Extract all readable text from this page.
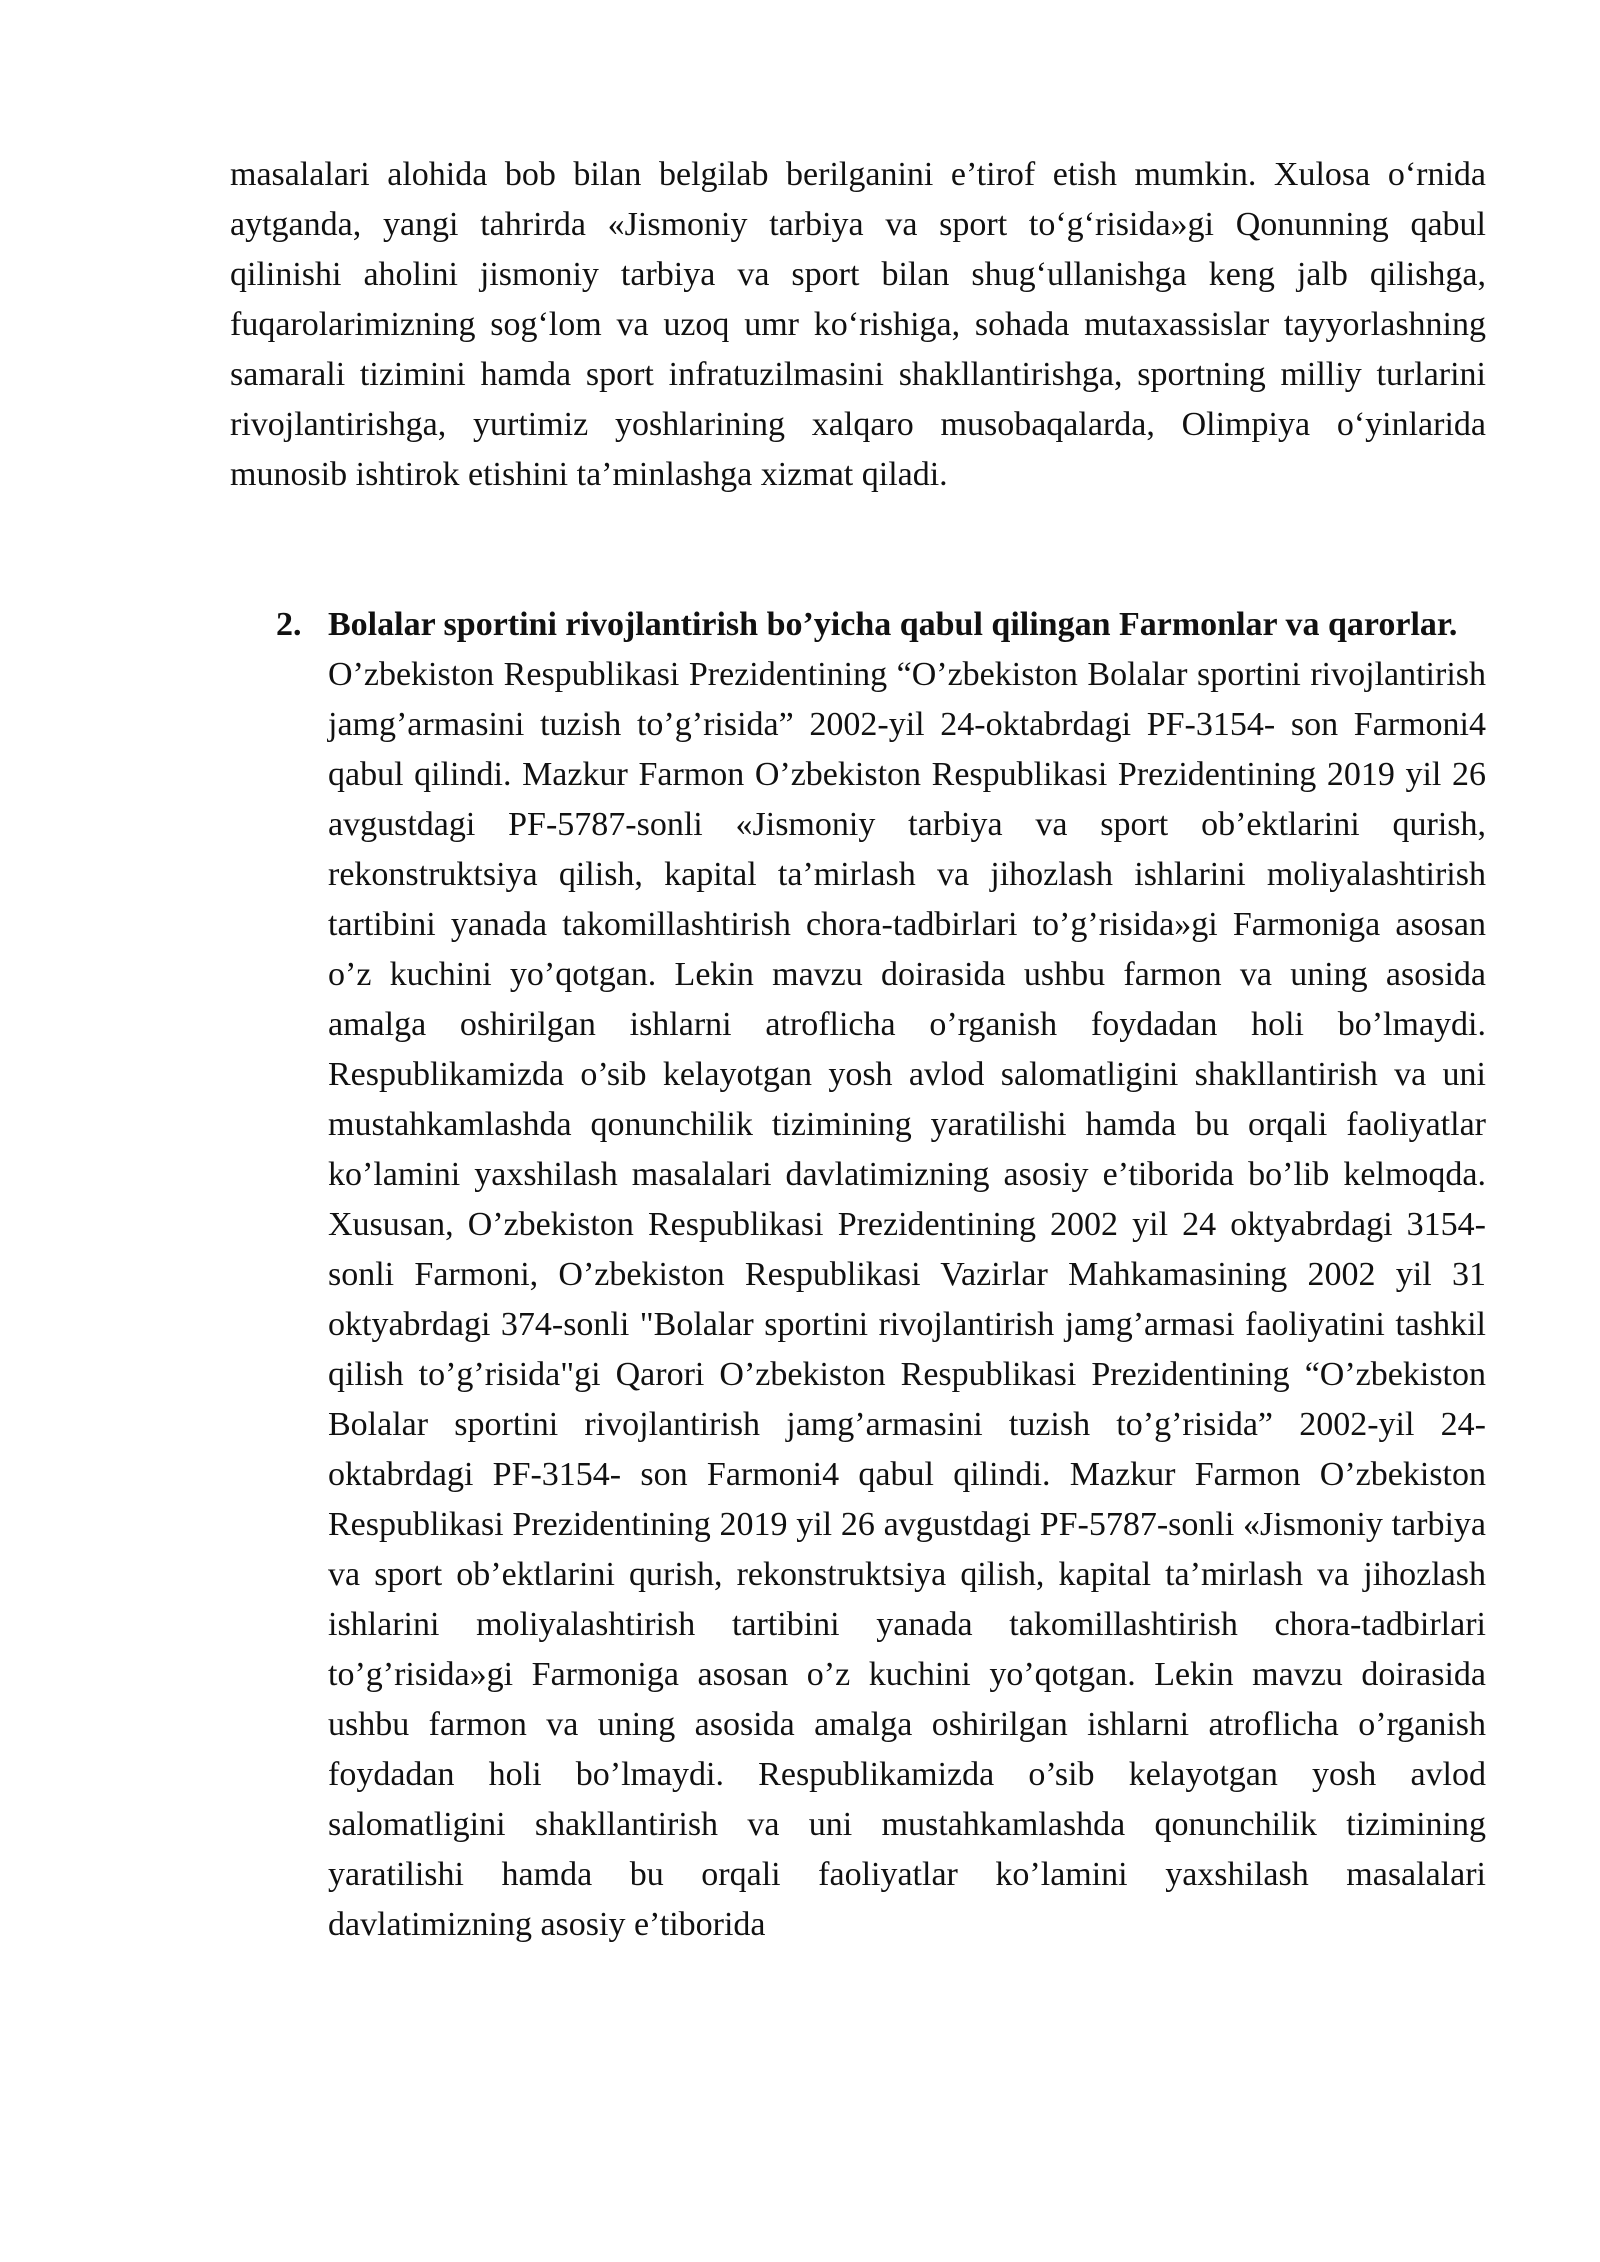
masalalari alohida bob bilan belgilab berilganini e’tirof etish mumkin. Xulosa o‘rnida aytganda, yangi tahrirda «Jismoniy tarbiya va sport to‘g‘risida»gi Qonunning qabul qilinishi aholini jismoniy tarbiya va sport bilan shug‘ullanishga keng jalb qilishga, fuqarolarimizning sog‘lom va uzoq umr ko‘rishiga, sohada mutaxassislar tayyorlashning samarali tizimini hamda sport infratuzilmasini shakllantirishga, sportning milliy turlarini rivojlantirishga, yurtimiz yoshlarining xalqaro musobaqalarda, Olimpiya o‘yinlarida munosib ishtirok etishini ta’minlashga xizmat qiladi.

2. Bolalar sportini rivojlantirish bo’yicha qabul qilingan Farmonlar va qarorlar.

O’zbekiston Respublikasi Prezidentining “O’zbekiston Bolalar sportini rivojlantirish jamg’armasini tuzish to’g’risida” 2002-yil 24-oktabrdagi PF-3154- son Farmoni4 qabul qilindi. Mazkur Farmon O’zbekiston Respublikasi Prezidentining 2019 yil 26 avgustdagi PF-5787-sonli «Jismoniy tarbiya va sport ob’ektlarini qurish, rekonstruktsiya qilish, kapital ta’mirlash va jihozlash ishlarini moliyalashtirish tartibini yanada takomillashtirish chora-tadbirlari to’g’risida»gi Farmoniga asosan o’z kuchini yo’qotgan. Lekin mavzu doirasida ushbu farmon va uning asosida amalga oshirilgan ishlarni atroflicha o’rganish foydadan holi bo’lmaydi. Respublikamizda o’sib kelayotgan yosh avlod salomatligini shakllantirish va uni mustahkamlashda qonunchilik tizimining yaratilishi hamda bu orqali faoliyatlar ko’lamini yaxshilash masalalari davlatimizning asosiy e’tiborida bo’lib kelmoqda. Xususan, O’zbekiston Respublikasi Prezidentining 2002 yil 24 oktyabrdagi 3154-sonli Farmoni, O’zbekiston Respublikasi Vazirlar Mahkamasining 2002 yil 31 oktyabrdagi 374-sonli "Bolalar sportini rivojlantirish jamg’armasi faoliyatini tashkil qilish to’g’risida"gi Qarori O’zbekiston Respublikasi Prezidentining “O’zbekiston Bolalar sportini rivojlantirish jamg’armasini tuzish to’g’risida” 2002-yil 24-oktabrdagi PF-3154- son Farmoni4 qabul qilindi. Mazkur Farmon O’zbekiston Respublikasi Prezidentining 2019 yil 26 avgustdagi PF-5787-sonli «Jismoniy tarbiya va sport ob’ektlarini qurish, rekonstruktsiya qilish, kapital ta’mirlash va jihozlash ishlarini moliyalashtirish tartibini yanada takomillashtirish chora-tadbirlari to’g’risida»gi Farmoniga asosan o’z kuchini yo’qotgan. Lekin mavzu doirasida ushbu farmon va uning asosida amalga oshirilgan ishlarni atroflicha o’rganish foydadan holi bo’lmaydi. Respublikamizda o’sib kelayotgan yosh avlod salomatligini shakllantirish va uni mustahkamlashda qonunchilik tizimining yaratilishi hamda bu orqali faoliyatlar ko’lamini yaxshilash masalalari davlatimizning asosiy e’tiborida
